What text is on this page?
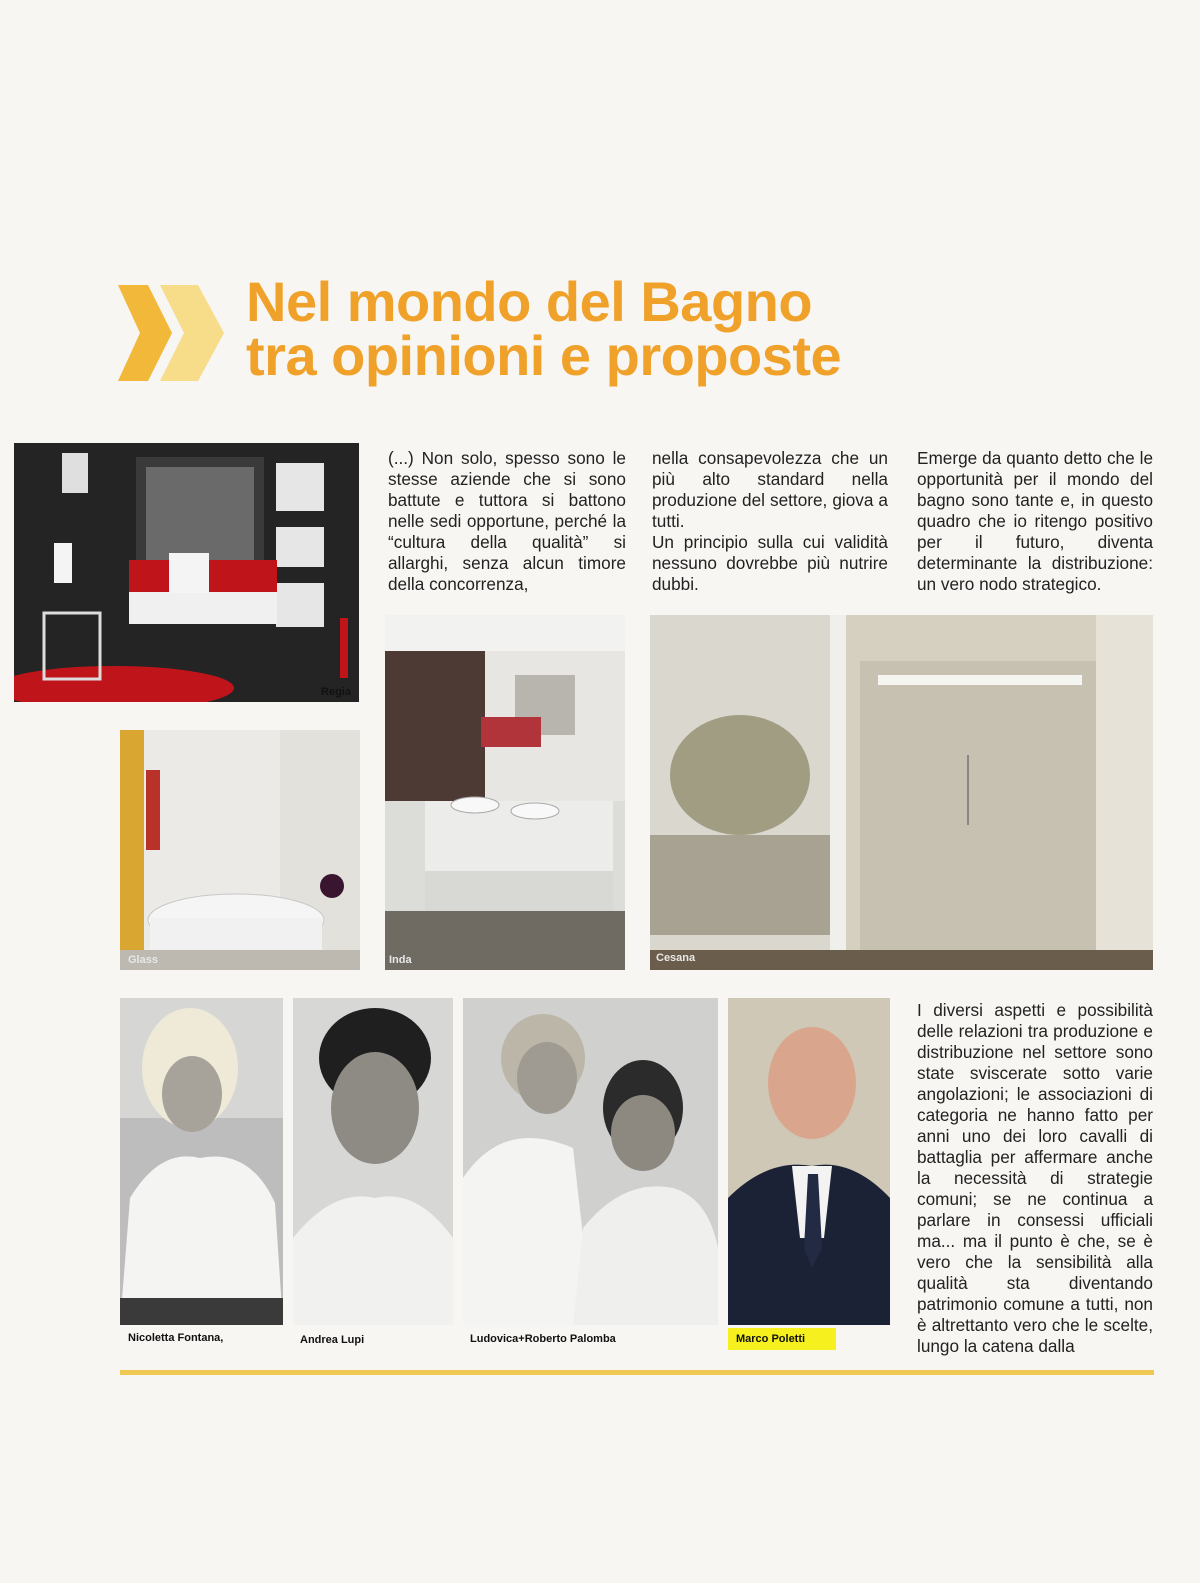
Nel mondo del Bagno
tra opinioni e proposte

(...) Non solo, spesso sono le stesse aziende che si sono battute e tuttora si battono nelle sedi opportune, perché la “cultura della qualità” si allarghi, senza alcun timore della concorrenza,

nella consapevolezza che un più alto standard nella produzione del settore, giova a tutti.
Un principio sulla cui validità nessuno dovrebbe più nutrire dubbi.

Emerge da quanto detto che le opportunità per il mondo del bagno sono tante e, in questo quadro che io ritengo positivo per il futuro, diventa determinante la distribuzione: un vero nodo strategico.

I diversi aspetti e possibilità delle relazioni tra produzione e distribuzione nel settore sono state sviscerate sotto varie angolazioni; le associazioni di categoria ne hanno fatto per anni uno dei loro cavalli di battaglia per affermare anche la necessità di strategie comuni; se ne continua a parlare in consessi ufficiali ma... ma il punto è che, se è vero che la sensibilità alla qualità sta diventando patrimonio comune a tutti, non è altrettanto vero che le scelte, lungo la catena dalla

Regia
Glass	Inda	Cesana
Nicoletta Fontana,	Andrea Lupi	Ludovica+Roberto Palomba	Marco Poletti
